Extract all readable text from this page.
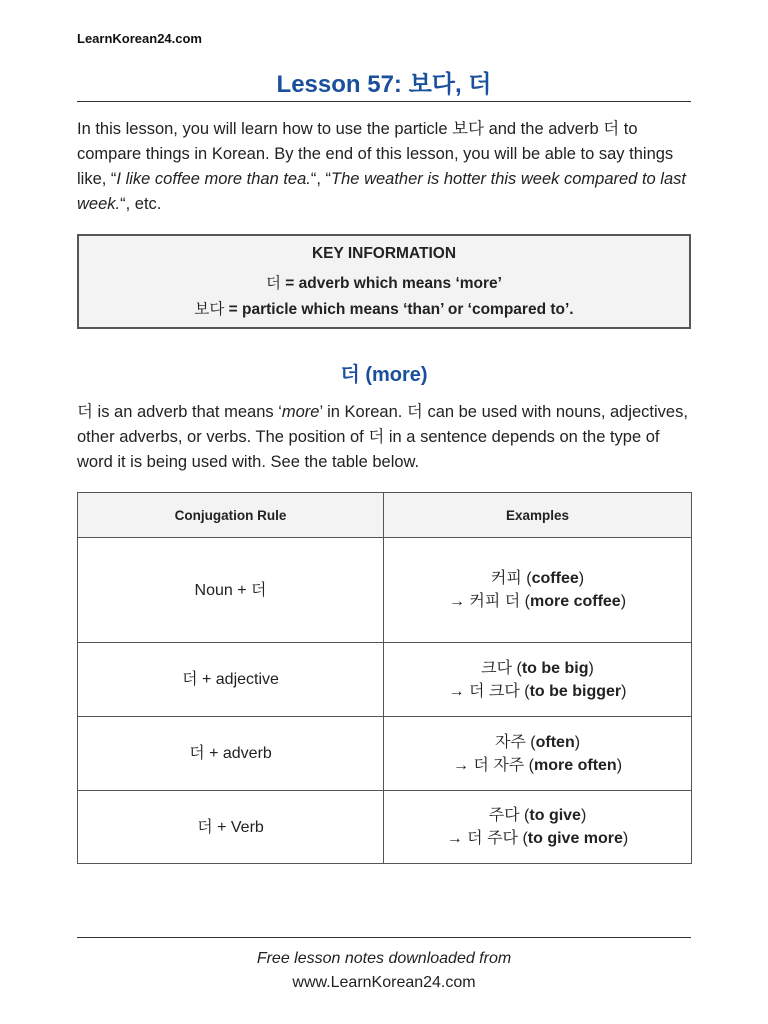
LearnKorean24.com
Lesson 57: 보다, 더
In this lesson, you will learn how to use the particle 보다 and the adverb 더 to compare things in Korean. By the end of this lesson, you will be able to say things like, “I like coffee more than tea.“, “The weather is hotter this week compared to last week.“, etc.
KEY INFORMATION
더 = adverb which means ‘more’
보다 = particle which means ‘than’ or ‘compared to’.
더 (more)
더 is an adverb that means ‘more’ in Korean. 더 can be used with nouns, adjectives, other adverbs, or verbs. The position of 더 in a sentence depends on the type of word it is being used with. See the table below.
Conjugation Rule	Examples
Noun + 더	커피 (coffee)
→ 커피 더 (more coffee)

더 + adjective	크다 (to be big)
→ 더 크다 (to be bigger)

더 + adverb	자주 (often)
→ 더 자주 (more often)

더 + Verb	주다 (to give)
→ 더 주다 (to give more)
Free lesson notes downloaded from
www.LearnKorean24.com
